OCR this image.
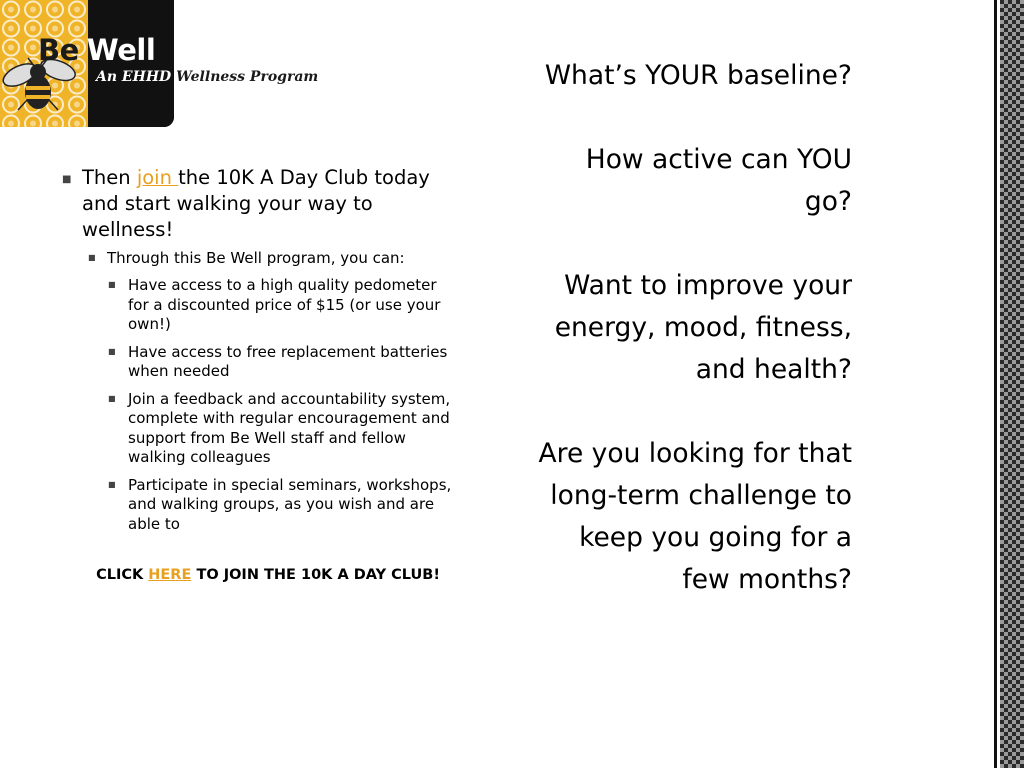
Be Well
An EHHD Wellness Program
■ Then join the 10K A Day Club today and start walking your way to wellness!
■ Through this Be Well program, you can:
■ Have access to a high quality pedometer for a discounted price of $15 (or use your own!)
■ Have access to free replacement batteries when needed
■ Join a feedback and accountability system, complete with regular encouragement and support from Be Well staff and fellow walking colleagues
■ Participate in special seminars, workshops, and walking groups, as you wish and are able to
CLICK HERE TO JOIN THE 10K A DAY CLUB!
What’s YOUR baseline?
How active can YOU go?
Want to improve your energy, mood, fitness, and health?
Are you looking for that long-term challenge to keep you going for a few months?
